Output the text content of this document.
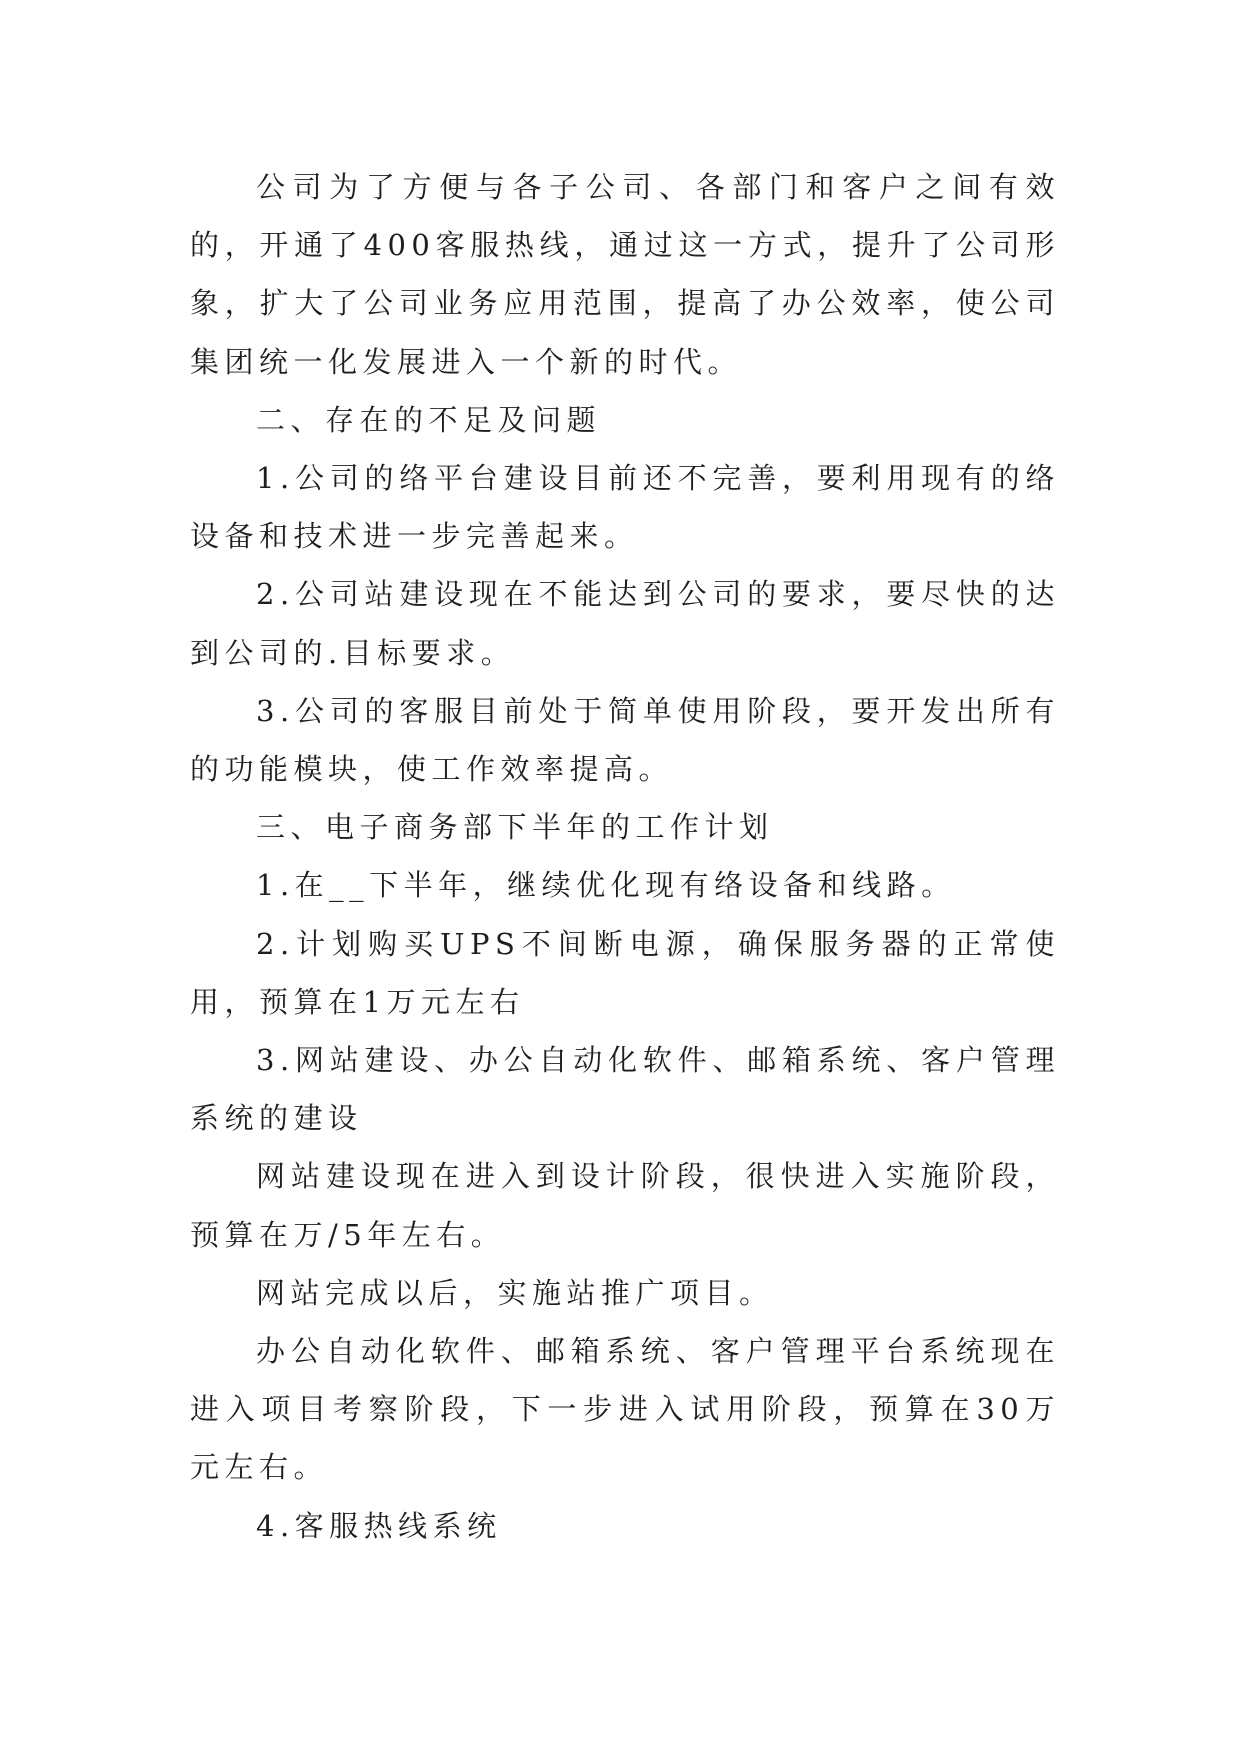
公司为了方便与各子公司、各部门和客户之间有效的，开通了400客服热线，通过这一方式，提升了公司形象，扩大了公司业务应用范围，提高了办公效率，使公司集团统一化发展进入一个新的时代。

二、存在的不足及问题

1.公司的络平台建设目前还不完善，要利用现有的络设备和技术进一步完善起来。

2.公司站建设现在不能达到公司的要求，要尽快的达到公司的.目标要求。

3.公司的客服目前处于简单使用阶段，要开发出所有的功能模块，使工作效率提高。

三、电子商务部下半年的工作计划

1.在__下半年，继续优化现有络设备和线路。

2.计划购买UPS不间断电源，确保服务器的正常使用，预算在1万元左右

3.网站建设、办公自动化软件、邮箱系统、客户管理系统的建设

网站建设现在进入到设计阶段，很快进入实施阶段，预算在万/5年左右。

网站完成以后，实施站推广项目。

办公自动化软件、邮箱系统、客户管理平台系统现在进入项目考察阶段，下一步进入试用阶段，预算在30万元左右。

4.客服热线系统
